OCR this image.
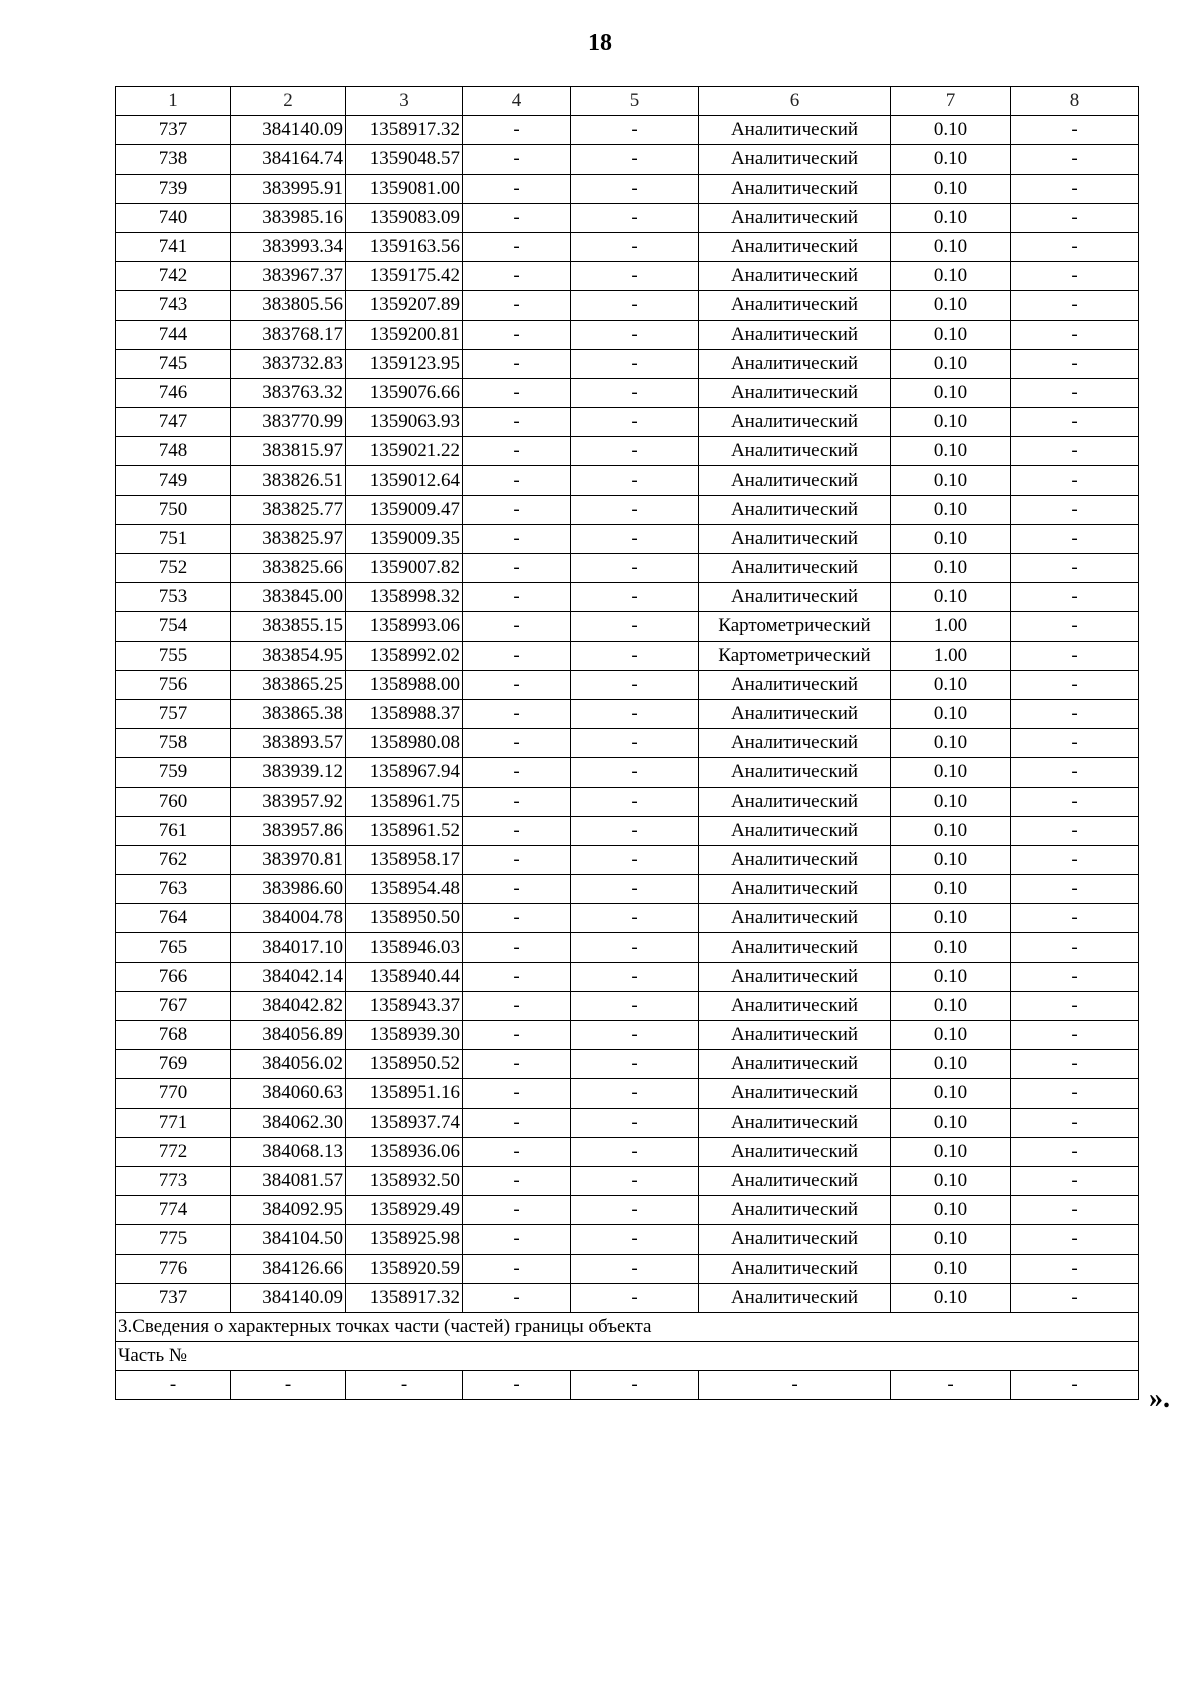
18
1	2	3	4	5	6	7	8
737	384140.09	1358917.32	-	-	Аналитический	0.10	-
738	384164.74	1359048.57	-	-	Аналитический	0.10	-
739	383995.91	1359081.00	-	-	Аналитический	0.10	-
740	383985.16	1359083.09	-	-	Аналитический	0.10	-
741	383993.34	1359163.56	-	-	Аналитический	0.10	-
742	383967.37	1359175.42	-	-	Аналитический	0.10	-
743	383805.56	1359207.89	-	-	Аналитический	0.10	-
744	383768.17	1359200.81	-	-	Аналитический	0.10	-
745	383732.83	1359123.95	-	-	Аналитический	0.10	-
746	383763.32	1359076.66	-	-	Аналитический	0.10	-
747	383770.99	1359063.93	-	-	Аналитический	0.10	-
748	383815.97	1359021.22	-	-	Аналитический	0.10	-
749	383826.51	1359012.64	-	-	Аналитический	0.10	-
750	383825.77	1359009.47	-	-	Аналитический	0.10	-
751	383825.97	1359009.35	-	-	Аналитический	0.10	-
752	383825.66	1359007.82	-	-	Аналитический	0.10	-
753	383845.00	1358998.32	-	-	Аналитический	0.10	-
754	383855.15	1358993.06	-	-	Картометрический	1.00	-
755	383854.95	1358992.02	-	-	Картометрический	1.00	-
756	383865.25	1358988.00	-	-	Аналитический	0.10	-
757	383865.38	1358988.37	-	-	Аналитический	0.10	-
758	383893.57	1358980.08	-	-	Аналитический	0.10	-
759	383939.12	1358967.94	-	-	Аналитический	0.10	-
760	383957.92	1358961.75	-	-	Аналитический	0.10	-
761	383957.86	1358961.52	-	-	Аналитический	0.10	-
762	383970.81	1358958.17	-	-	Аналитический	0.10	-
763	383986.60	1358954.48	-	-	Аналитический	0.10	-
764	384004.78	1358950.50	-	-	Аналитический	0.10	-
765	384017.10	1358946.03	-	-	Аналитический	0.10	-
766	384042.14	1358940.44	-	-	Аналитический	0.10	-
767	384042.82	1358943.37	-	-	Аналитический	0.10	-
768	384056.89	1358939.30	-	-	Аналитический	0.10	-
769	384056.02	1358950.52	-	-	Аналитический	0.10	-
770	384060.63	1358951.16	-	-	Аналитический	0.10	-
771	384062.30	1358937.74	-	-	Аналитический	0.10	-
772	384068.13	1358936.06	-	-	Аналитический	0.10	-
773	384081.57	1358932.50	-	-	Аналитический	0.10	-
774	384092.95	1358929.49	-	-	Аналитический	0.10	-
775	384104.50	1358925.98	-	-	Аналитический	0.10	-
776	384126.66	1358920.59	-	-	Аналитический	0.10	-
737	384140.09	1358917.32	-	-	Аналитический	0.10	-
3.Сведения о характерных точках части (частей) границы объекта							
Часть №							
-	-	-	-	-	-	-	-	».
